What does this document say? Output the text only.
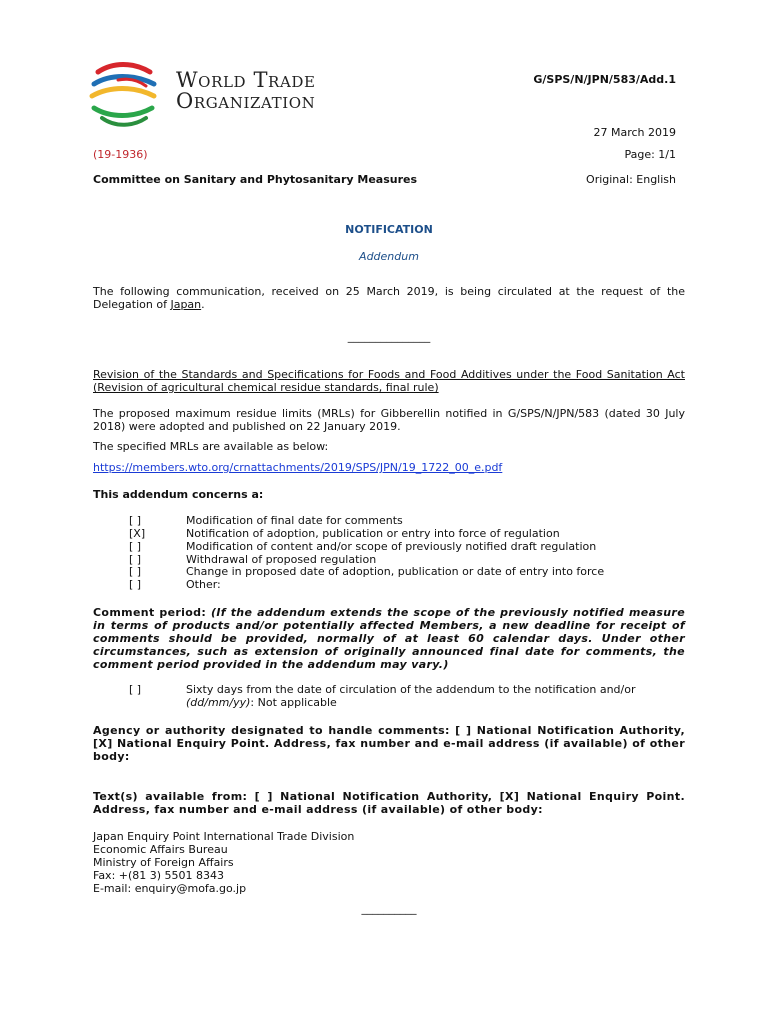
World Trade
Organization
G/SPS/N/JPN/583/Add.1
27 March 2019
(19-1936)	Page: 1/1
Committee on Sanitary and Phytosanitary Measures	Original: English
NOTIFICATION
Addendum
The following communication, received on 25 March 2019, is being circulated at the request of the Delegation of Japan.
_______________
Revision of the Standards and Specifications for Foods and Food Additives under the Food Sanitation Act (Revision of agricultural chemical residue standards, final rule)
The proposed maximum residue limits (MRLs) for Gibberellin notified in G/SPS/N/JPN/583 (dated 30 July 2018) were adopted and published on 22 January 2019.
The specified MRLs are available as below:
https://members.wto.org/crnattachments/2019/SPS/JPN/19_1722_00_e.pdf
This addendum concerns a:
[ ]	Modification of final date for comments
[X]	Notification of adoption, publication or entry into force of regulation
[ ]	Modification of content and/or scope of previously notified draft regulation
[ ]	Withdrawal of proposed regulation
[ ]	Change in proposed date of adoption, publication or date of entry into force
[ ]	Other:
Comment period: (If the addendum extends the scope of the previously notified measure in terms of products and/or potentially affected Members, a new deadline for receipt of comments should be provided, normally of at least 60 calendar days. Under other circumstances, such as extension of originally announced final date for comments, the comment period provided in the addendum may vary.)
[ ]	Sixty days from the date of circulation of the addendum to the notification and/or
(dd/mm/yy): Not applicable
Agency or authority designated to handle comments: [ ] National Notification Authority, [X] National Enquiry Point. Address, fax number and e-mail address (if available) of other body:
Text(s) available from: [ ] National Notification Authority, [X] National Enquiry Point. Address, fax number and e-mail address (if available) of other body:
Japan Enquiry Point International Trade Division
Economic Affairs Bureau
Ministry of Foreign Affairs
Fax: +(81 3) 5501 8343
E-mail: enquiry@mofa.go.jp
__________
